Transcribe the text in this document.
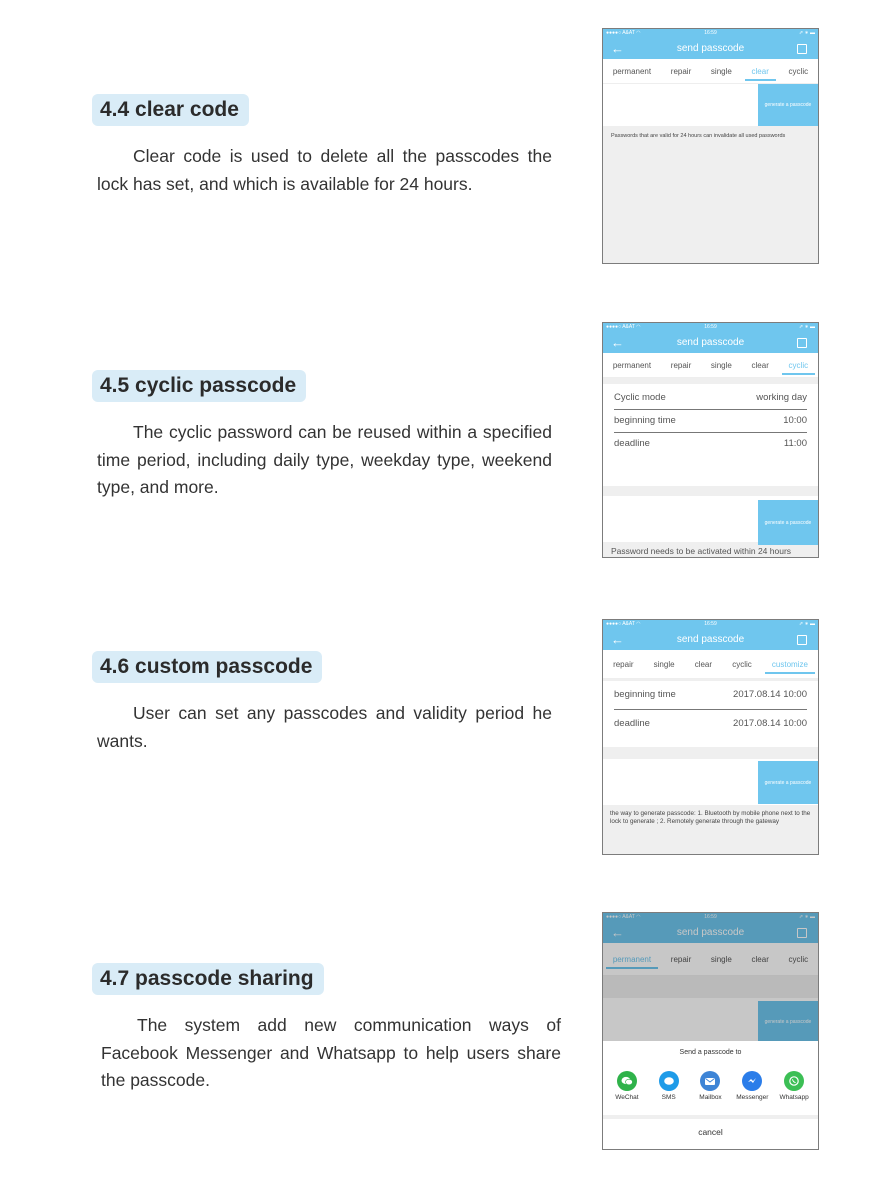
4.4 clear code

Clear code is used to delete all the passcodes the lock has set, and which is available for 24 hours.

●●●●○ A&AT ◠	16:59	⇗ ∗ ▬
←	send passcode
permanent	repair	single	clear	cyclic
generate a passcode
Passwords that are valid for 24 hours can invalidate all used passwords
4.5 cyclic passcode

The cyclic password can be reused within a specified time period, including daily type, weekday type, weekend type, and more.

●●●●○ A&AT ◠	16:59	⇗ ∗ ▬
←	send passcode
permanent	repair	single	clear	cyclic
Cyclic mode	working day
beginning time	10:00
deadline	11:00
generate a passcode
Password needs to be activated within 24 hours
4.6 custom passcode

User can set any passcodes and validity period he wants.

●●●●○ A&AT ◠	16:59	⇗ ∗ ▬
←	send passcode
repair	single	clear	cyclic	customize
beginning time	2017.08.14 10:00
deadline	2017.08.14 10:00
generate a passcode
the way to generate passcode: 1. Bluetooth by mobile phone next to the lock to generate ; 2. Remotely generate through the gateway
4.7 passcode sharing

The system add new communication ways of Facebook Messenger and Whatsapp to help users share the passcode.

●●●●○ A&AT ◠	16:59	⇗ ∗ ▬
←	send passcode
permanent	repair	single	clear	cyclic
generate a passcode
Send a passcode to
WeChat	SMS	Mailbox Messenger Whatsapp
cancel
